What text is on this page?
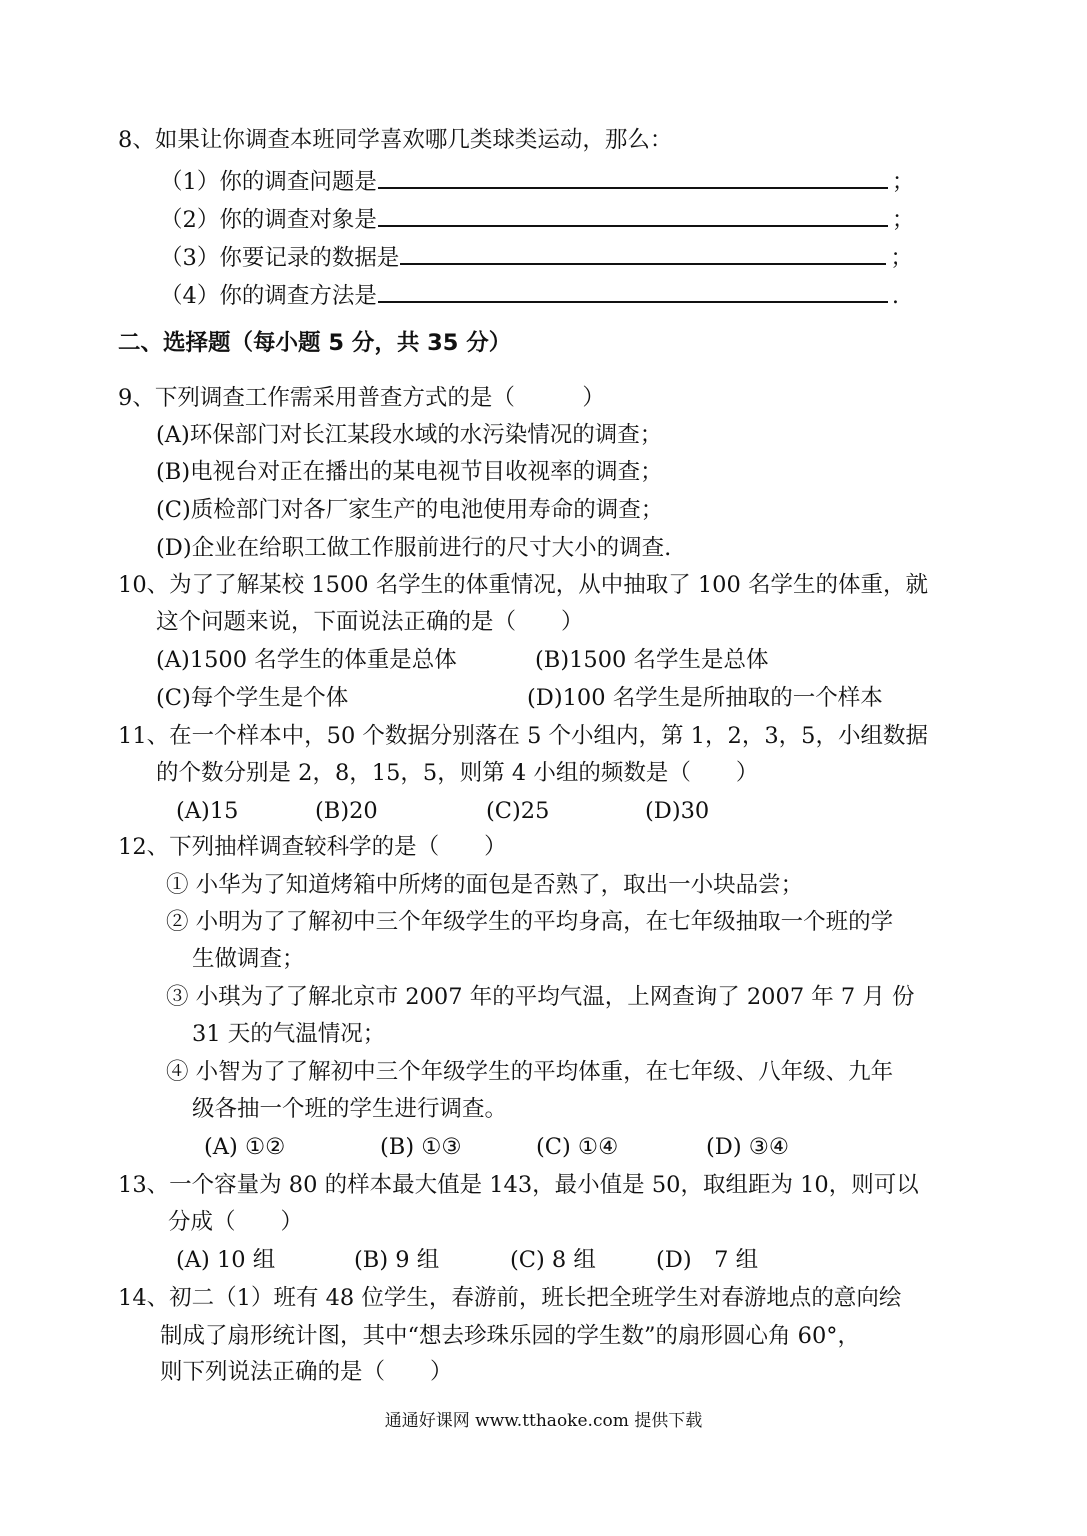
8、如果让你调查本班同学喜欢哪几类球类运动，那么：
（1）你的调查问题是	；
（2）你的调查对象是	；
（3）你要记录的数据是	；
（4）你的调查方法是	.
二、选择题（每小题 5 分，共 35 分）
9、下列调查工作需采用普查方式的是（　　　）
(A)环保部门对长江某段水域的水污染情况的调查；
(B)电视台对正在播出的某电视节目收视率的调查；
(C)质检部门对各厂家生产的电池使用寿命的调查；
(D)企业在给职工做工作服前进行的尺寸大小的调查.
10、为了了解某校 1500 名学生的体重情况，从中抽取了 100 名学生的体重，就
这个问题来说，下面说法正确的是（　　）
(A)1500 名学生的体重是总体	(B)1500 名学生是总体
(C)每个学生是个体	(D)100 名学生是所抽取的一个样本
11、在一个样本中，50 个数据分别落在 5 个小组内，第 1，2，3，5，小组数据
的个数分别是 2，8，15，5，则第 4 小组的频数是（　　）
(A)15	(B)20	(C)25	(D)30
12、下列抽样调查较科学的是（　　）
① 小华为了知道烤箱中所烤的面包是否熟了，取出一小块品尝；
② 小明为了了解初中三个年级学生的平均身高，在七年级抽取一个班的学
生做调查；
③ 小琪为了了解北京市 2007 年的平均气温，上网查询了 2007 年 7 月 份
31 天的气温情况；
④ 小智为了了解初中三个年级学生的平均体重，在七年级、八年级、九年
级各抽一个班的学生进行调查。
(A) ①②	(B) ①③	(C) ①④	(D) ③④
13、一个容量为 80 的样本最大值是 143，最小值是 50，取组距为 10，则可以
分成（　　）
(A) 10 组	(B) 9 组	(C) 8 组	(D)　7 组
14、初二（1）班有 48 位学生，春游前，班长把全班学生对春游地点的意向绘
制成了扇形统计图，其中“想去珍珠乐园的学生数”的扇形圆心角 60°，
则下列说法正确的是（　　）
通通好课网 www.tthaoke.com 提供下载
